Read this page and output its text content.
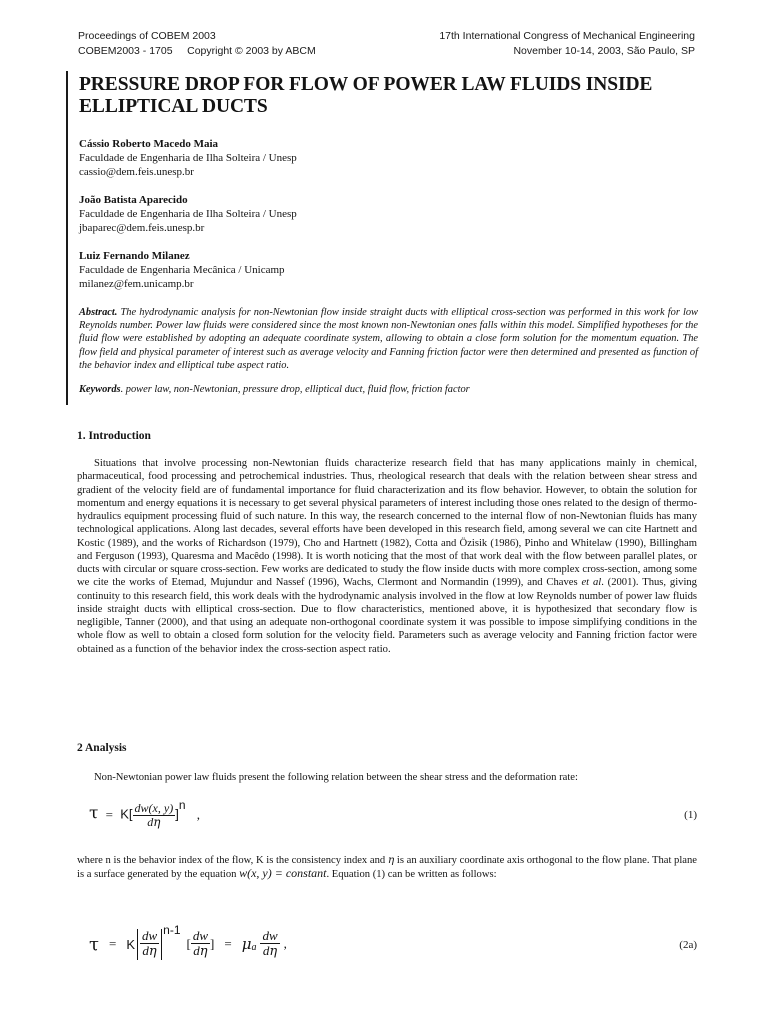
Proceedings of COBEM 2003
COBEM2003 - 1705     Copyright © 2003 by ABCM
17th International Congress of Mechanical Engineering
November 10-14, 2003, São Paulo, SP
PRESSURE DROP FOR FLOW OF POWER LAW FLUIDS INSIDE
ELLIPTICAL DUCTS
Cássio Roberto Macedo Maia
Faculdade de Engenharia de Ilha Solteira / Unesp
cassio@dem.feis.unesp.br
João Batista Aparecido
Faculdade de Engenharia de Ilha Solteira / Unesp
jbaparec@dem.feis.unesp.br
Luiz Fernando Milanez
Faculdade de Engenharia Mecânica / Unicamp
milanez@fem.unicamp.br

Abstract. The hydrodynamic analysis for non-Newtonian flow inside straight ducts with elliptical cross-section was performed in this work for low Reynolds number. Power law fluids were considered since the most known non-Newtonian ones falls within this model. Simplified hypotheses for the fluid flow were established by adopting an adequate coordinate system, allowing to obtain a close form solution for the momentum equation. The flow field and physical parameter of interest such as average velocity and Fanning friction factor were then determined and presented as function of the behavior index and elliptical tube aspect ratio.

Keywords. power law, non-Newtonian, pressure drop, elliptical duct, fluid flow, friction factor

1. Introduction

Situations that involve processing non-Newtonian fluids characterize research field that has many applications mainly in chemical, pharmaceutical, food processing and petrochemical industries. Thus, rheological research that deals with the relation between shear stress and gradient of the velocity field are of fundamental importance for fluid characterization and its flow behavior. However, to obtain the solution for momentum and energy equations it is necessary to get several physical parameters of interest including those ones related to the design of thermo-hydraulics equipment processing fluid of such nature. In this way, the research concerned to the internal flow of non-Newtonian fluids has many technological applications. Along last decades, several efforts have been developed in this research field, among several we can cite Hartnett and Kostic (1989), and the works of Richardson (1979), Cho and Hartnett (1982), Cotta and Özisik (1986), Pinho and Whitelaw (1990), Billingham and Ferguson (1993), Quaresma and Macêdo (1998). It is worth noticing that the most of that work deal with the flow between parallel plates, or ducts with circular or square cross-section. Few works are dedicated to study the flow inside ducts with more complex cross-section, among some we cite the works of Etemad, Mujundur and Nassef (1996), Wachs, Clermont and Normandin (1999), and Chaves et al. (2001). Thus, giving continuity to this research field, this work deals with the hydrodynamic analysis involved in the flow at low Reynolds number of power law fluids inside straight ducts with elliptical cross-section. Due to flow characteristics, mentioned above, it is hypothesized that secondary flow is negligible, Tanner (2000), and that using an adequate non-orthogonal coordinate system it was possible to impose simplifying conditions in the whole flow as well to obtain a closed form solution for the velocity field. Parameters such as average velocity and Fanning friction factor were obtained as a function of the behavior index the cross-section aspect ratio.

2 Analysis

Non-Newtonian power law fluids present the following relation between the shear stress and the deformation rate:

$\tau = K[ \frac{dw(x, y)}{d\eta} ]^n$ ,	(1)

where n is the behavior index of the flow, K is the consistency index and η is an auxiliary coordinate axis orthogonal to the flow plane. That plane is a surface generated by the equation w(x, y) = constant. Equation (1) can be written as follows:

τ = K $\frac{dw}{d\eta} ^{n-1}$
[ $\frac{dw}{d\eta}$ ] = $\mu_a \frac{dw}{d\eta}$ ,	(2a)
